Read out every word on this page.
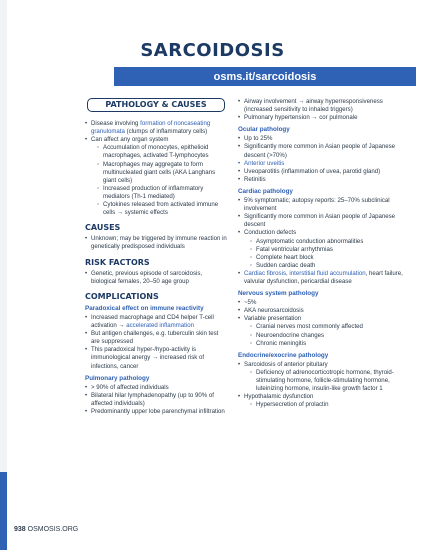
SARCOIDOSIS
osms.it/sarcoidosis
PATHOLOGY & CAUSES
• Disease involving formation of noncaseating granulomata (clumps of inflammatory cells)
• Can affect any organ system
◦ Accumulation of monocytes, epithelioid macrophages, activated T-lymphocytes
◦ Macrophages may aggregate to form multinucleated giant cells (AKA Langhans giant cells)
◦ Increased production of inflammatory mediators (Th-1 mediated)
◦ Cytokines released from activated immune cells → systemic effects
CAUSES
• Unknown; may be triggered by immune reaction in genetically predisposed individuals
RISK FACTORS
• Genetic, previous episode of sarcoidosis, biological females, 20–50 age group
COMPLICATIONS
Paradoxical effect on immune reactivity
• Increased macrophage and CD4 helper T-cell activation → accelerated inflammation
• But antigen challenges, e.g. tuberculin skin test are suppressed
• This paradoxical hyper-/hypo-activity is immunological anergy → increased risk of infections, cancer
Pulmonary pathology
• > 90% of affected individuals
• Bilateral hilar lymphadenopathy (up to 90% of affected individuals)
• Predominantly upper lobe parenchymal infiltration
• Airway involvement → airway hyperresponsiveness (increased sensitivity to inhaled triggers)
• Pulmonary hypertension → cor pulmonale
Ocular pathology
• Up to 25%
• Significantly more common in Asian people of Japanese descent (>70%)
• Anterior uveitis
• Uveoparotitis (inflammation of uvea, parotid gland)
• Retinitis
Cardiac pathology
• 5% symptomatic; autopsy reports: 25–70% subclinical involvement
• Significantly more common in Asian people of Japanese descent
• Conduction defects
◦ Asymptomatic conduction abnormalities
◦ Fatal ventricular arrhythmias
◦ Complete heart block
◦ Sudden cardiac death
• Cardiac fibrosis, interstitial fluid accumulation, heart failure, valvular dysfunction, pericardial disease
Nervous system pathology
• ~5%
• AKA neurosarcoidosis
• Variable presentation
◦ Cranial nerves most commonly affected
◦ Neuroendocrine changes
◦ Chronic meningitis
Endocrine/exocrine pathology
• Sarcoidosis of anterior pituitary
◦ Deficiency of adrenocorticotropic hormone, thyroid-stimulating hormone, follicle-stimulating hormone, luteinizing hormone, insulin-like growth factor 1
• Hypothalamic dysfunction
◦ Hypersecretion of prolactin
938 OSMOSIS.ORG
